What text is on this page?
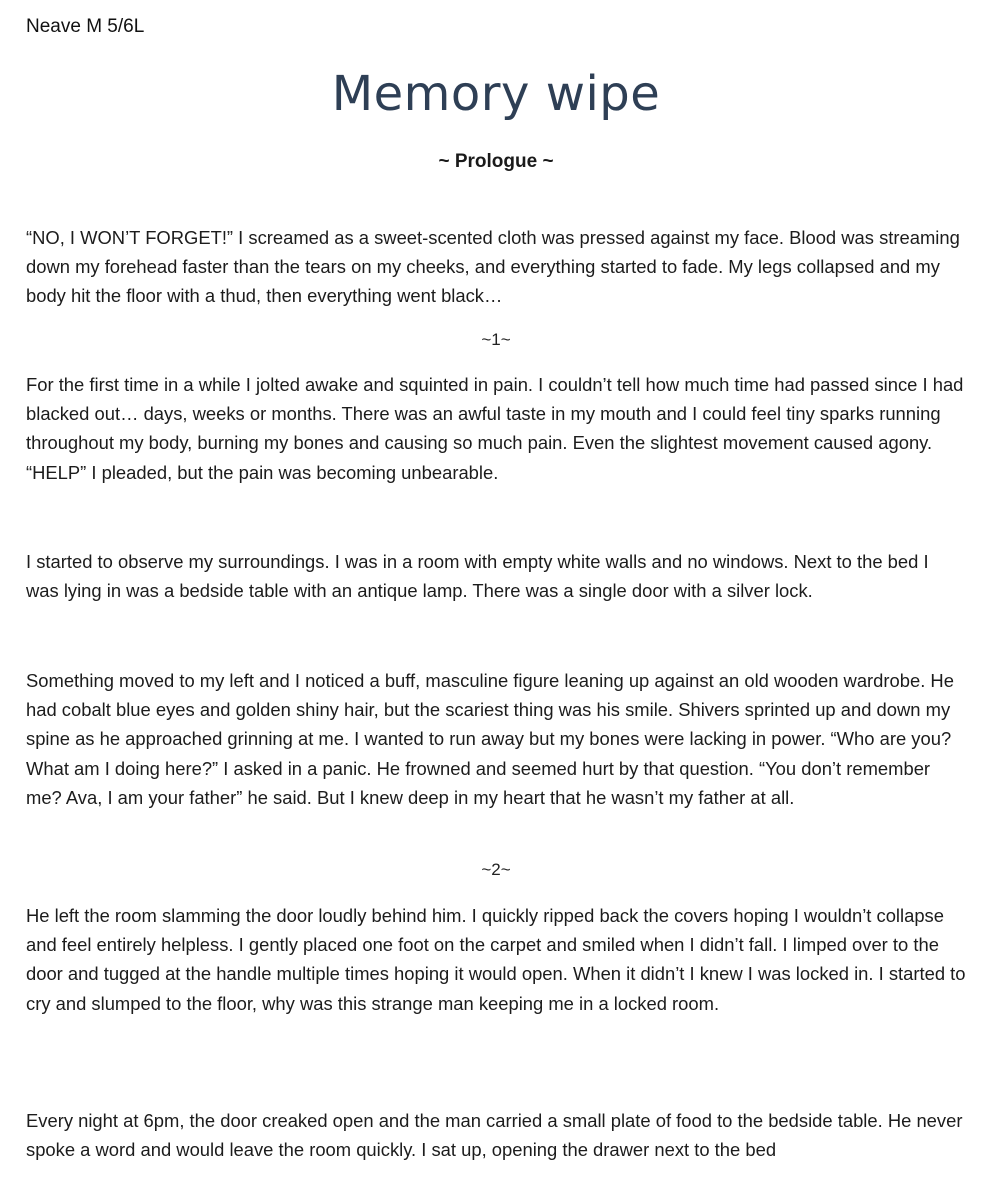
Neave M 5/6L
Memory wipe

~ Prologue ~

“NO, I WON’T FORGET!” I screamed as a sweet-scented cloth was pressed against my face. Blood was streaming down my forehead faster than the tears on my cheeks, and everything started to fade. My legs collapsed and my body hit the floor with a thud, then everything went black…

~1~

For the first time in a while I jolted awake and squinted in pain. I couldn’t tell how much time had passed since I had blacked out… days, weeks or months. There was an awful taste in my mouth and I could feel tiny sparks running throughout my body, burning my bones and causing so much pain. Even the slightest movement caused agony. “HELP” I pleaded, but the pain was becoming unbearable.

I started to observe my surroundings. I was in a room with empty white walls and no windows. Next to the bed I was lying in was a bedside table with an antique lamp. There was a single door with a silver lock.

Something moved to my left and I noticed a buff, masculine figure leaning up against an old wooden wardrobe. He had cobalt blue eyes and golden shiny hair, but the scariest thing was his smile. Shivers sprinted up and down my spine as he approached grinning at me. I wanted to run away but my bones were lacking in power. “Who are you? What am I doing here?” I asked in a panic. He frowned and seemed hurt by that question. “You don’t remember me? Ava, I am your father” he said. But I knew deep in my heart that he wasn’t my father at all.

~2~

He left the room slamming the door loudly behind him. I quickly ripped back the covers hoping I wouldn’t collapse and feel entirely helpless. I gently placed one foot on the carpet and smiled when I didn’t fall. I limped over to the door and tugged at the handle multiple times hoping it would open. When it didn’t I knew I was locked in. I started to cry and slumped to the floor, why was this strange man keeping me in a locked room.

Every night at 6pm, the door creaked open and the man carried a small plate of food to the bedside table. He never spoke a word and would leave the room quickly. I sat up, opening the drawer next to the bed
